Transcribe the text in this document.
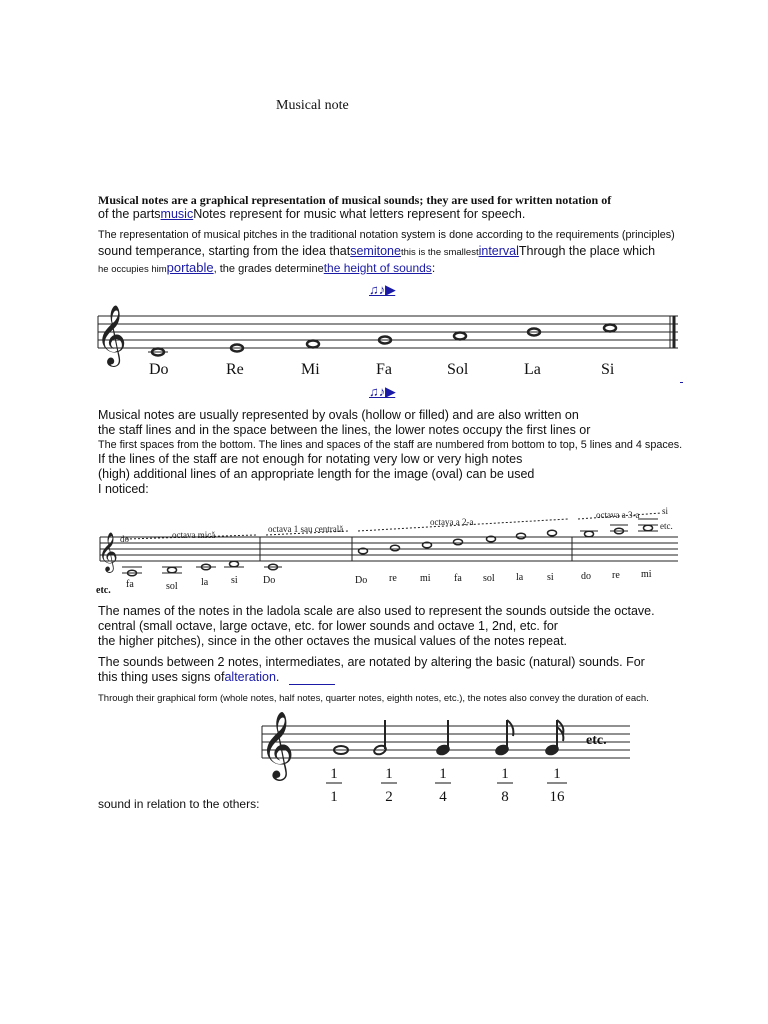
Musical note
Musical notes are a graphical representation of musical sounds; they are used for written notation of
of the partsmusicNotes represent for music what letters represent for speech.
The representation of musical pitches in the traditional notation system is done according to the requirements (principles)
sound temperance, starting from the idea thatsemitonethis is the smallestintervalThrough the place which
he occupies himportable, the grades determinethe height of sounds:
♫♪▶
𝄞
Do	Re	Mi	Fa	Sol	La	Si
♫♪▶
Musical notes are usually represented by ovals (hollow or filled) and are also written on
the staff lines and in the space between the lines, the lower notes occupy the first lines or
The first spaces from the bottom. The lines and spaces of the staff are numbered from bottom to top, 5 lines and 4 spaces.
If the lines of the staff are not enough for notating very low or very high notes
(high) additional lines of an appropriate length for the image (oval) can be used
I noticed:
𝄞 do	octava mică
octava 1 sau centrală
octava a 2-a
octava a 3-a	si
etc.
etc.
fa	sol la si	Do	Do re mi fa sol la si	do re mi
The names of the notes in the ladola scale are also used to represent the sounds outside the octave.
central (small octave, large octave, etc. for lower sounds and octave 1, 2nd, etc. for
the higher pitches), since in the other octaves the musical values of the notes repeat.
The sounds between 2 notes, intermediates, are notated by altering the basic (natural) sounds. For
this thing uses signs ofalteration.
Through their graphical form (whole notes, half notes, quarter notes, eighth notes, etc.), the notes also convey the duration of each.
𝄞	etc.
1
1
1
2
1
4
1
8
1
16
sound in relation to the others:
